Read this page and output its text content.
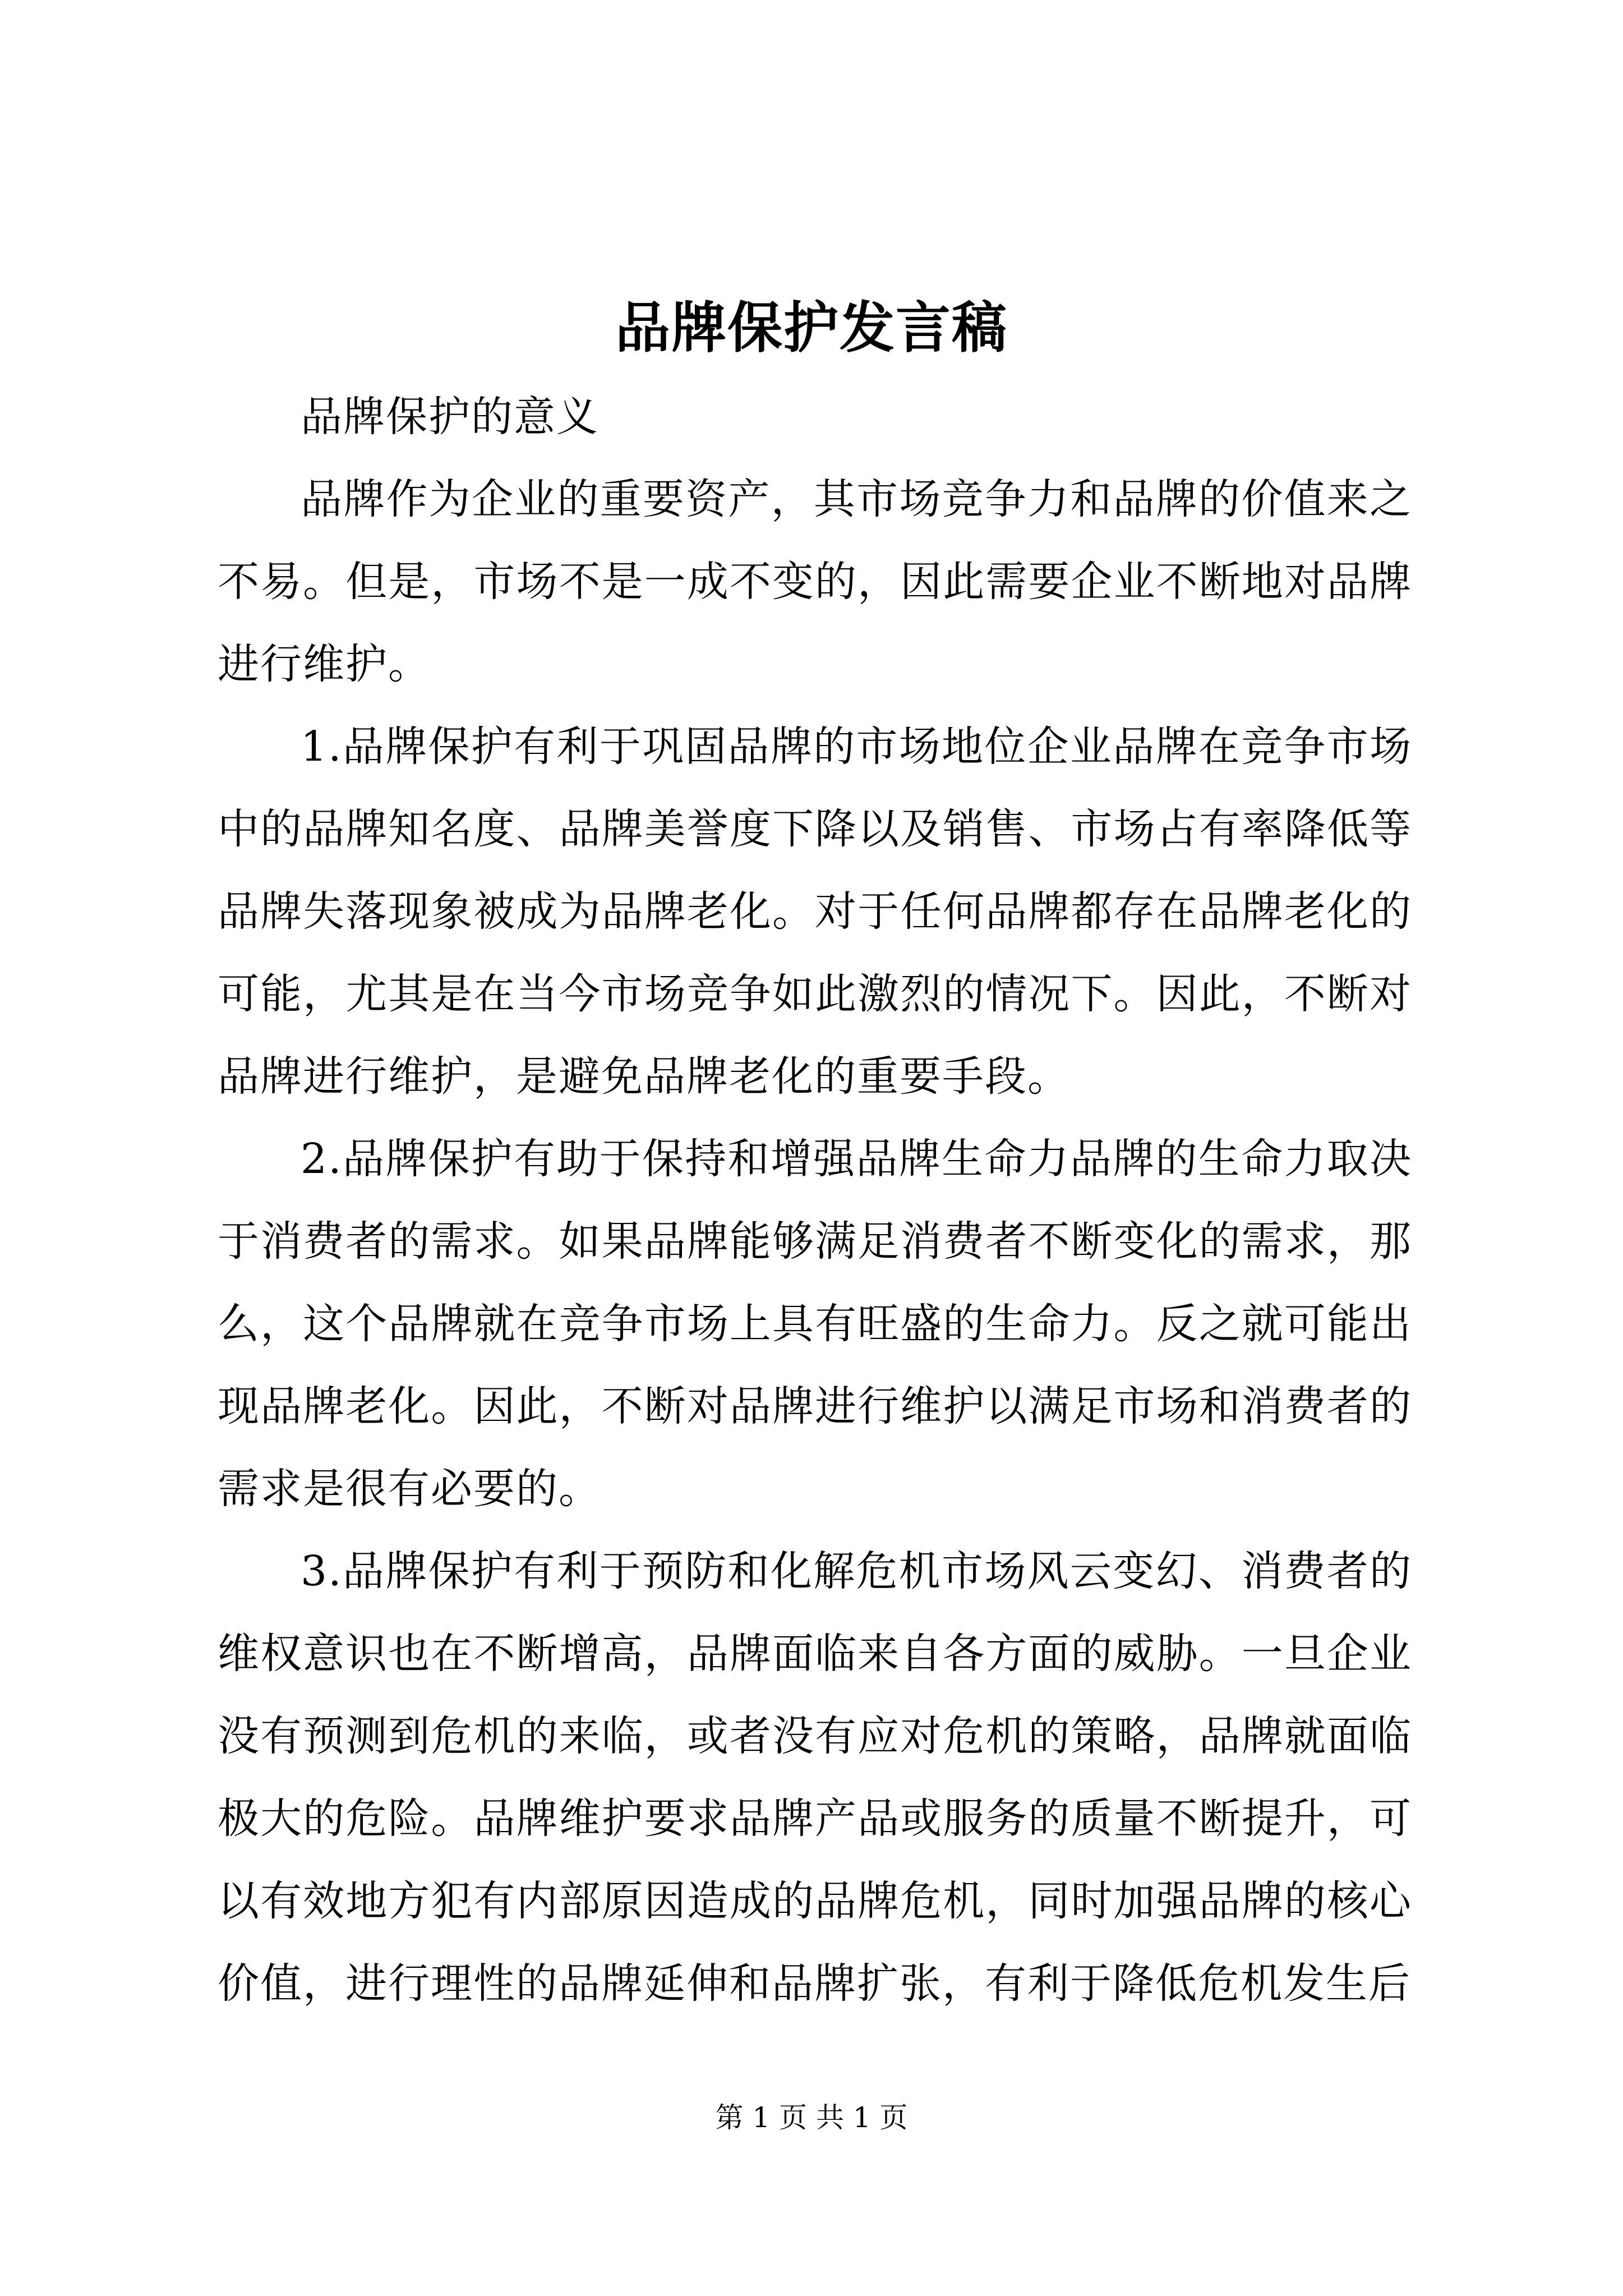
品牌保护发言稿

品牌保护的意义

品牌作为企业的重要资产，其市场竞争力和品牌的价值来之不易。但是，市场不是一成不变的，因此需要企业不断地对品牌进行维护。

1.品牌保护有利于巩固品牌的市场地位企业品牌在竞争市场中的品牌知名度、品牌美誉度下降以及销售、市场占有率降低等品牌失落现象被成为品牌老化。对于任何品牌都存在品牌老化的可能，尤其是在当今市场竞争如此激烈的情况下。因此，不断对品牌进行维护，是避免品牌老化的重要手段。

2.品牌保护有助于保持和增强品牌生命力品牌的生命力取决于消费者的需求。如果品牌能够满足消费者不断变化的需求，那么，这个品牌就在竞争市场上具有旺盛的生命力。反之就可能出现品牌老化。因此，不断对品牌进行维护以满足市场和消费者的需求是很有必要的。

3.品牌保护有利于预防和化解危机市场风云变幻、消费者的维权意识也在不断增高，品牌面临来自各方面的威胁。一旦企业没有预测到危机的来临，或者没有应对危机的策略，品牌就面临极大的危险。品牌维护要求品牌产品或服务的质量不断提升，可以有效地方犯有内部原因造成的品牌危机，同时加强品牌的核心价值，进行理性的品牌延伸和品牌扩张，有利于降低危机发生后

第 1 页 共 1 页
